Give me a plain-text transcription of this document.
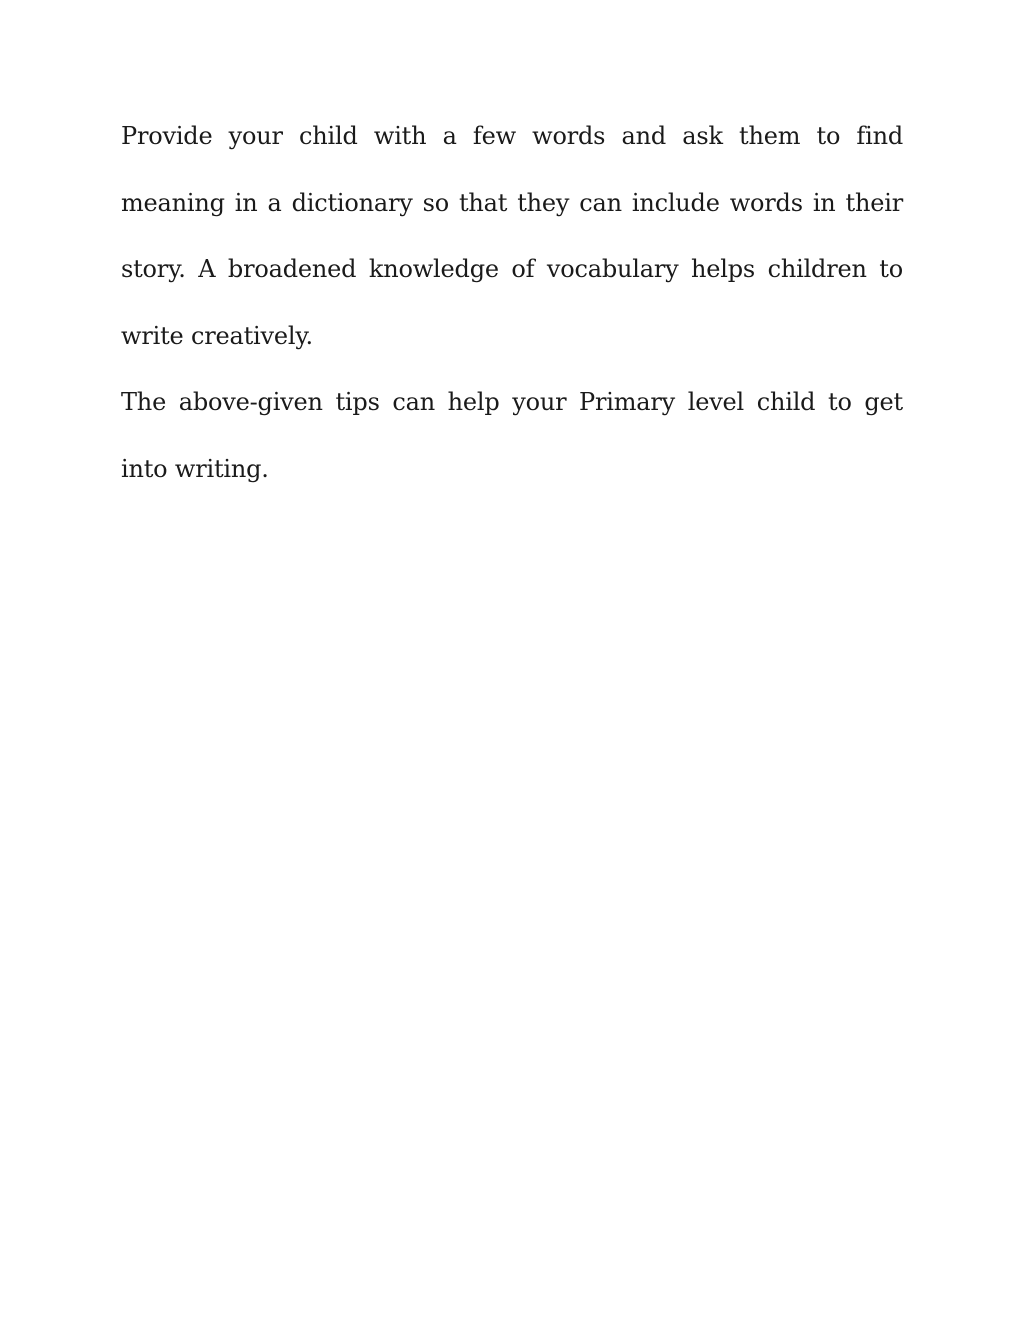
Provide your child with a few words and ask them to find meaning in a dictionary so that they can include words in their story. A broadened knowledge of vocabulary helps children to write creatively.

The above-given tips can help your Primary level child to get into writing.
